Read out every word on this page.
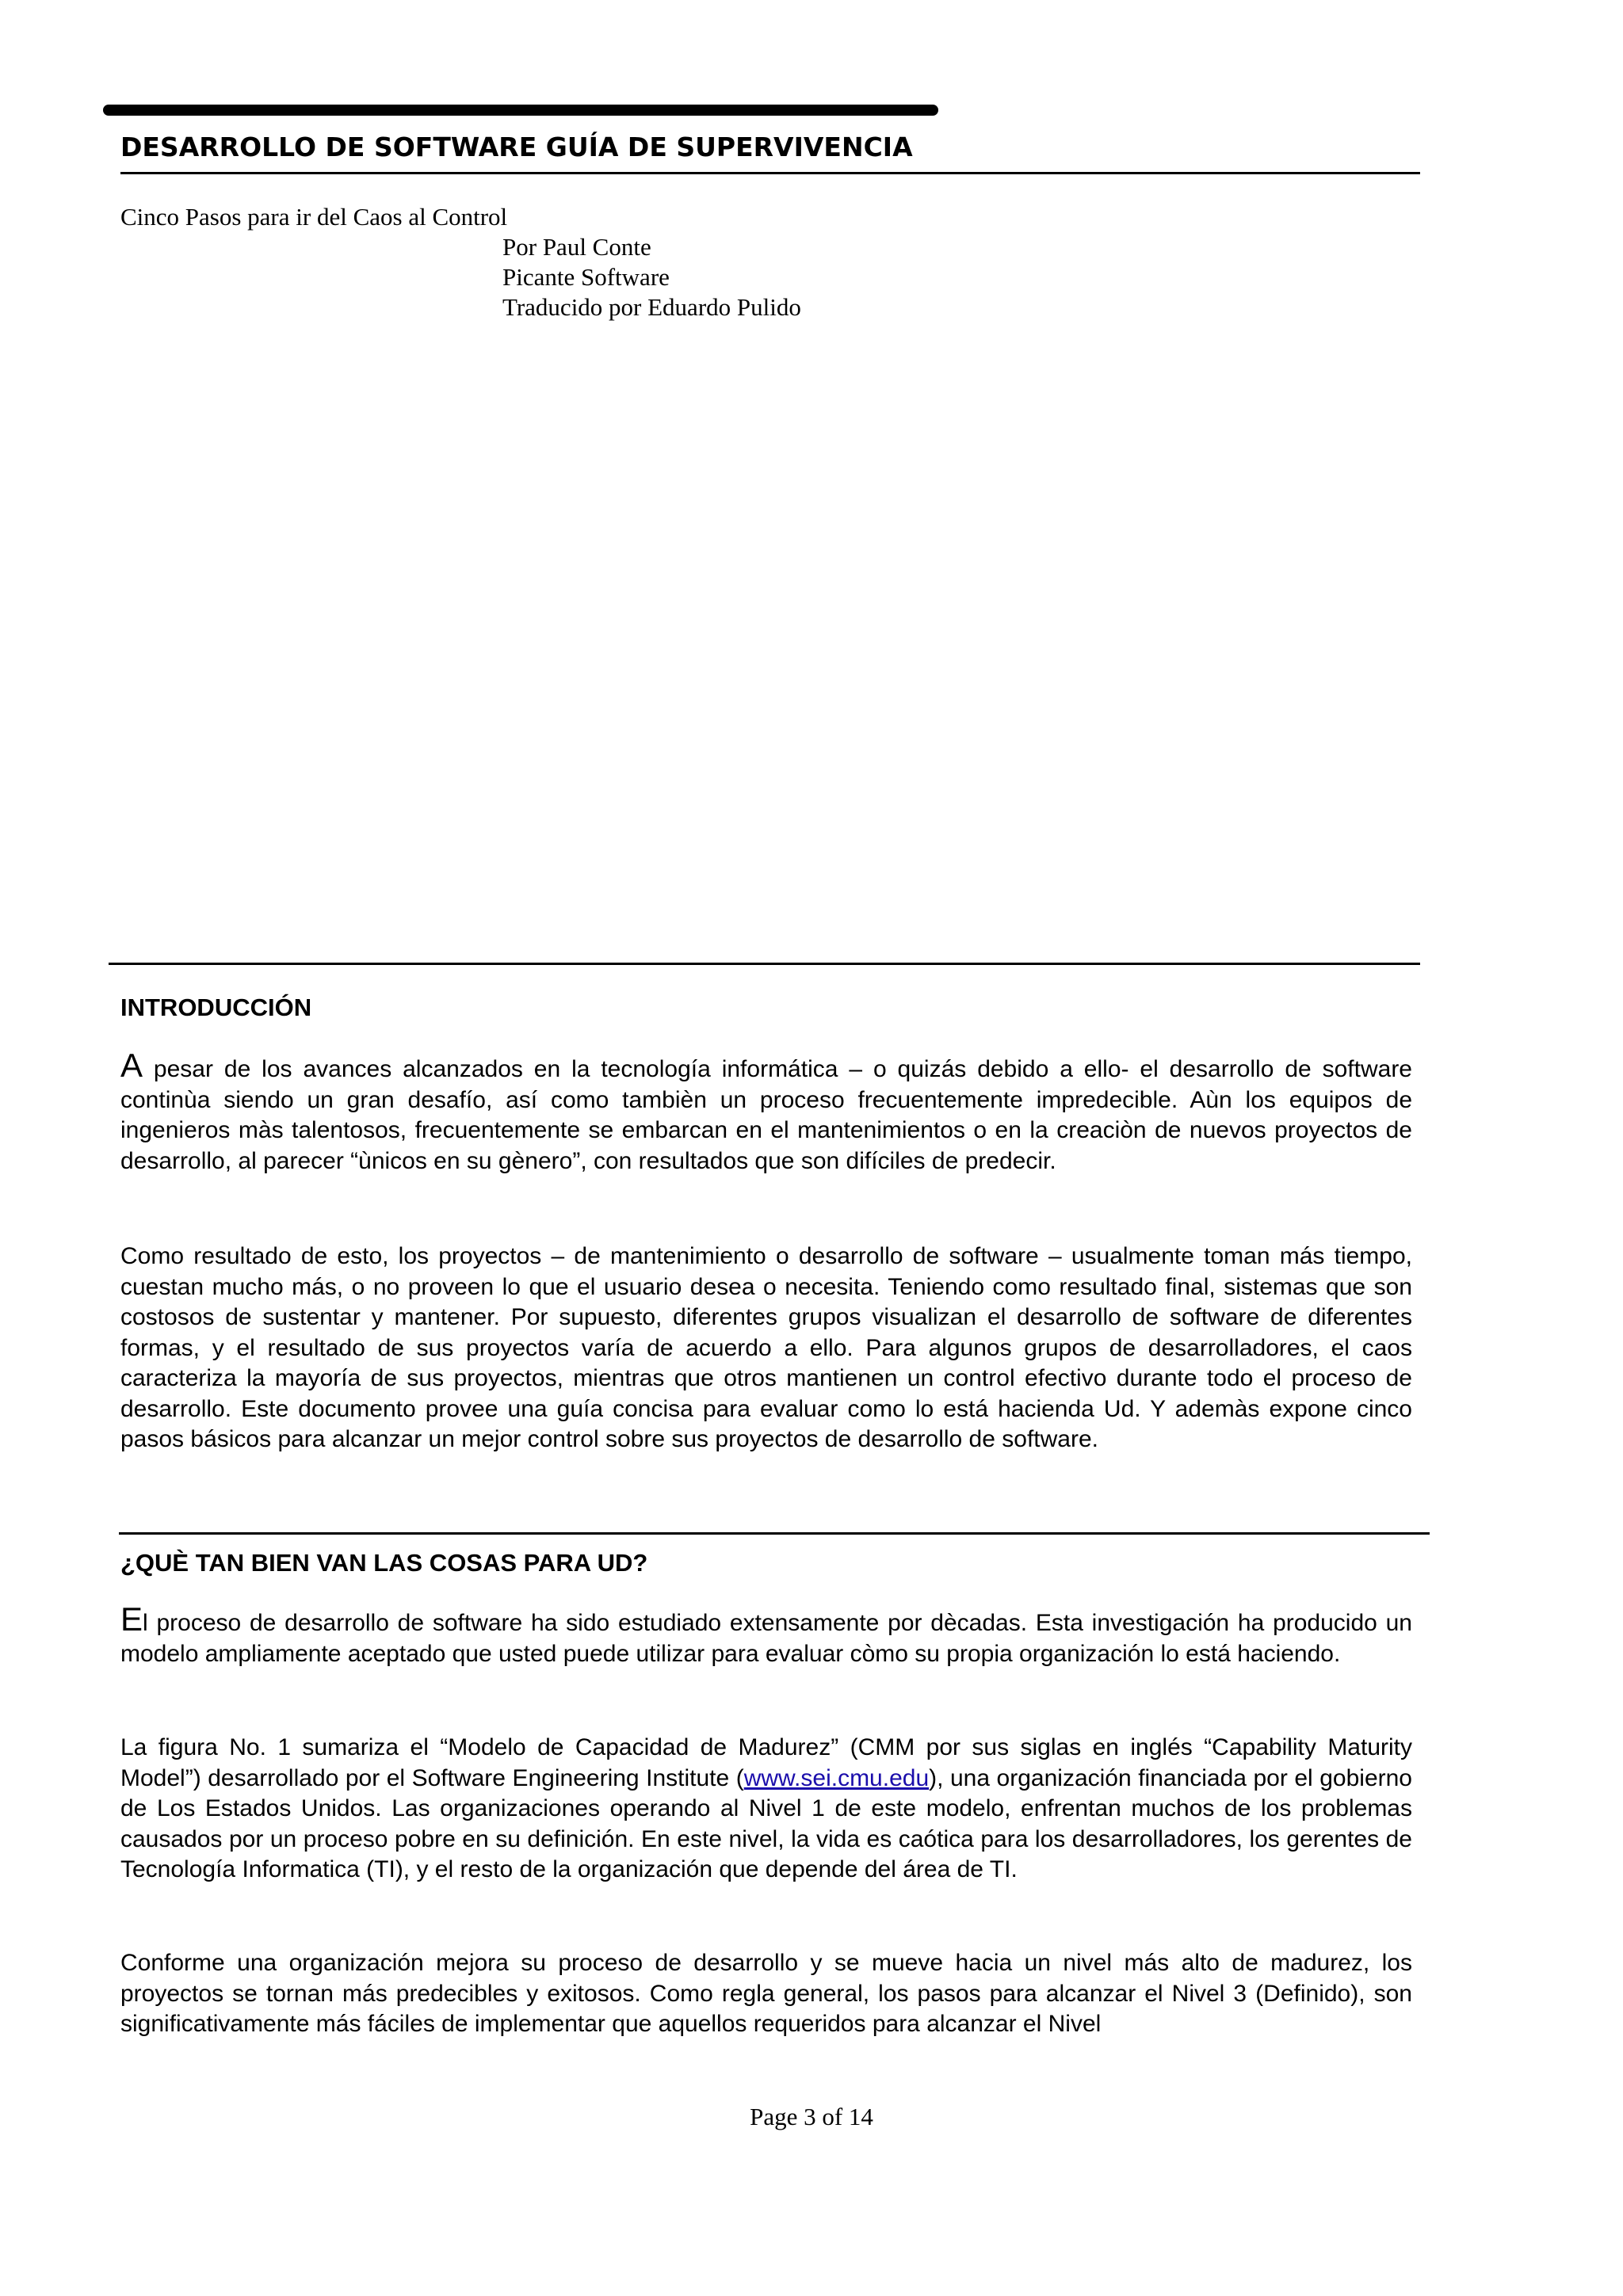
DESARROLLO DE SOFTWARE GUÍA DE SUPERVIVENCIA
Cinco Pasos para ir del Caos al Control
Por Paul Conte
Picante Software
Traducido por Eduardo Pulido
INTRODUCCIÓN

A pesar de los avances alcanzados en la tecnología informática – o quizás debido a ello- el desarrollo de software continùa siendo un gran desafío, así como tambièn un proceso frecuentemente impredecible. Aùn los equipos de ingenieros màs talentosos, frecuentemente se embarcan en el mantenimientos o en la creaciòn de nuevos proyectos de desarrollo, al parecer “ùnicos en su gènero”, con resultados que son difíciles de predecir.

Como resultado de esto, los proyectos – de mantenimiento o desarrollo de software – usualmente toman más tiempo, cuestan mucho más, o no proveen lo que el usuario desea o necesita. Teniendo como resultado final, sistemas que son costosos de sustentar y mantener. Por supuesto, diferentes grupos visualizan el desarrollo de software de diferentes formas, y el resultado de sus proyectos varía de acuerdo a ello. Para algunos grupos de desarrolladores, el caos caracteriza la mayoría de sus proyectos, mientras que otros mantienen un control efectivo durante todo el proceso de desarrollo. Este documento provee una guía concisa para evaluar como lo está hacienda Ud. Y ademàs expone cinco pasos básicos para alcanzar un mejor control sobre sus proyectos de desarrollo de software.

¿QUÈ TAN BIEN VAN LAS COSAS PARA UD?

El proceso de desarrollo de software ha sido estudiado extensamente por dècadas. Esta investigación ha producido un modelo ampliamente aceptado que usted puede utilizar para evaluar còmo su propia organización lo está haciendo.

La figura No. 1 sumariza el “Modelo de Capacidad de Madurez” (CMM por sus siglas en inglés “Capability Maturity Model”) desarrollado por el Software Engineering Institute (www.sei.cmu.edu), una organización financiada por el gobierno de Los Estados Unidos. Las organizaciones operando al Nivel 1 de este modelo, enfrentan muchos de los problemas causados por un proceso pobre en su definición. En este nivel, la vida es caótica para los desarrolladores, los gerentes de Tecnología Informatica (TI), y el resto de la organización que depende del área de TI.

Conforme una organización mejora su proceso de desarrollo y se mueve hacia un nivel más alto de madurez, los proyectos se tornan más predecibles y exitosos. Como regla general, los pasos para alcanzar el Nivel 3 (Definido), son significativamente más fáciles de implementar que aquellos requeridos para alcanzar el Nivel

Page 3 of 14
